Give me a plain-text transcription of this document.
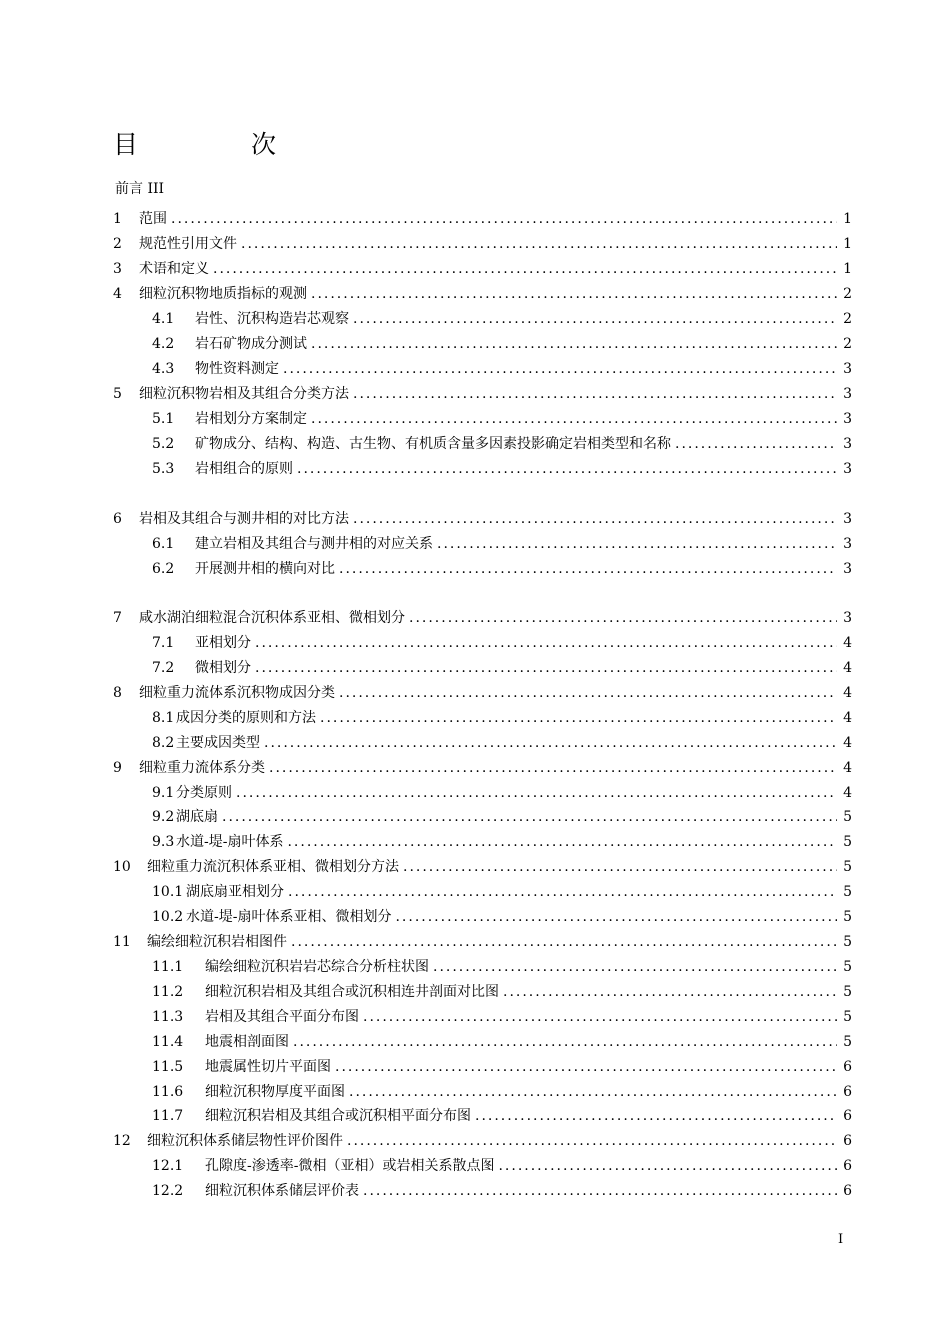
目　次
前言 III
1	范围 .....	1
2	规范性引用文件 .....	1
3	术语和定义 .....	1
4	细粒沉积物地质指标的观测 .....	2
4.1 岩性、沉积构造岩芯观察 .....	2
4.2 岩石矿物成分测试 .....	2
4.3 物性资料测定 .....	3
5	细粒沉积物岩相及其组合分类方法 .....	3
5.1 岩相划分方案制定 .....	3
5.2 矿物成分、结构、构造、古生物、有机质含量多因素投影确定岩相类型和名称 .....	3
5.3 岩相组合的原则 .....	3
6	岩相及其组合与测井相的对比方法 .....	3
6.1 建立岩相及其组合与测井相的对应关系 .....	3
6.2 开展测井相的横向对比 .....	3
7	咸水湖泊细粒混合沉积体系亚相、微相划分 .....	3
7.1 亚相划分 .....	4
7.2 微相划分 .....	4
8	细粒重力流体系沉积物成因分类 .....	4
8.1 成因分类的原则和方法 .....	4
8.2 主要成因类型 .....	4
9	细粒重力流体系分类 .....	4
9.1 分类原则 .....	4
9.2 湖底扇 .....	5
9.3 水道-堤-扇叶体系 .....	5
10	细粒重力流沉积体系亚相、微相划分方法 .....	5
10.1 湖底扇亚相划分 .....	5
10.2 水道-堤-扇叶体系亚相、微相划分 .....	5
11	编绘细粒沉积岩相图件 .....	5
11.1 编绘细粒沉积岩岩芯综合分析柱状图 .....	5
11.2 细粒沉积岩相及其组合或沉积相连井剖面对比图 .....	5
11.3 岩相及其组合平面分布图 .....	5
11.4 地震相剖面图 .....	5
11.5 地震属性切片平面图 .....	6
11.6 细粒沉积物厚度平面图 .....	6
11.7 细粒沉积岩相及其组合或沉积相平面分布图 .....	6
12	细粒沉积体系储层物性评价图件 .....	6
12.1 孔隙度-渗透率-微相（亚相）或岩相关系散点图 .....	6
12.2 细粒沉积体系储层评价表 .....	6
I
